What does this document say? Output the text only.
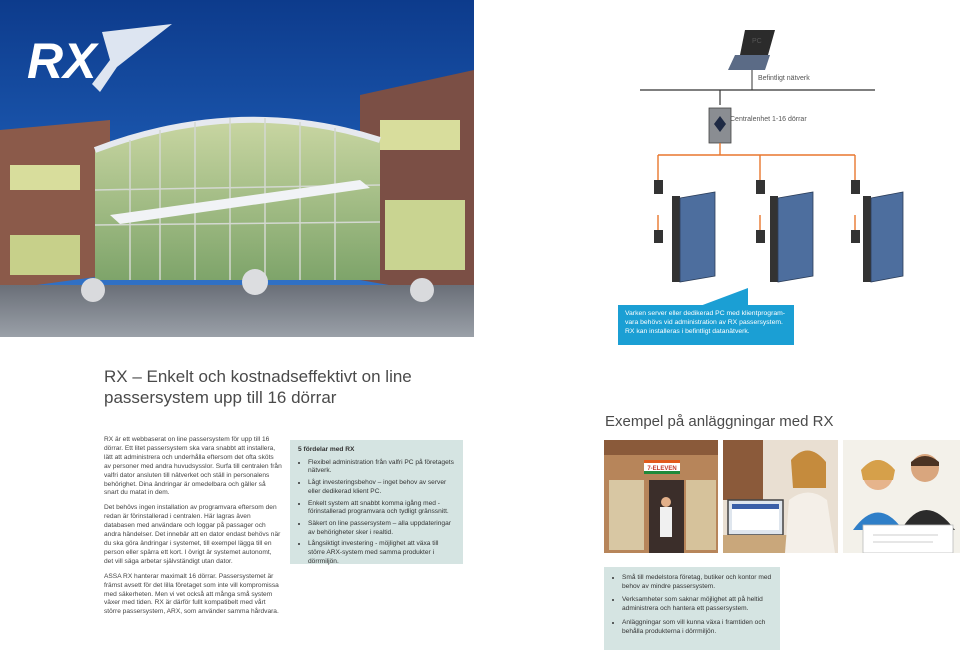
RX	PC
Befintligt nätverk
Centralenhet 1-16 dörrar
Varken server eller dedikerad PC med klientprogram-
vara behövs vid administration av RX passersystem.
RX kan installeras i befintligt datanätverk.
RX – Enkelt och kostnadseffektivt on line
passersystem upp till 16 dörrar

RX är ett webbaserat on line passersystem för upp till 16 dörrar. Ett litet passersystem ska vara snabbt att installera, lätt att administrera och underhålla eftersom det ofta sköts av personer med andra huvudsysslor. Surfa till centralen från valfri dator ansluten till nätverket och ställ in personalens behörighet. Dina ändringar är omedelbara och gäller så snart du matat in dem.

Det behövs ingen installation av programvara eftersom den redan är förinstallerad i centralen. Här lagras även databasen med användare och loggar på passager och andra händelser. Det innebär att en dator endast behövs när du ska göra ändringar i systemet, till exempel lägga till en person eller spärra ett kort. I övrigt är systemet autonomt, det vill säga arbetar självständigt utan dator.

ASSA RX hanterar maximalt 16 dörrar. Passersystemet är främst avsett för det lilla företaget som inte vill kompromissa med säkerheten. Men vi vet också att många små system växer med tiden. RX är därför fullt kompatibelt med vårt större passersystem, ARX, som använder samma hårdvara.

5 fördelar med RX
• Flexibel administration från valfri PC på företagets nätverk.
• Lågt investeringsbehov – inget behov av server eller dedikerad klient PC.
• Enkelt system att snabbt komma igång med - förinstallerad programvara och tydligt gränssnitt.
• Säkert on line passersystem – alla uppdateringar av behörigheter sker i realtid.
• Långsiktigt investering - möjlighet att växa till större ARX-system med samma produkter i dörrmiljön.
Exempel på anläggningar med RX
7-ELEVEN
• Små till medelstora företag, butiker och kontor med behov av mindre passersystem.
• Verksamheter som saknar möjlighet att på heltid administrera och hantera ett passersystem.
• Anläggningar som vill kunna växa i framtiden och behålla produkterna i dörrmiljön.
